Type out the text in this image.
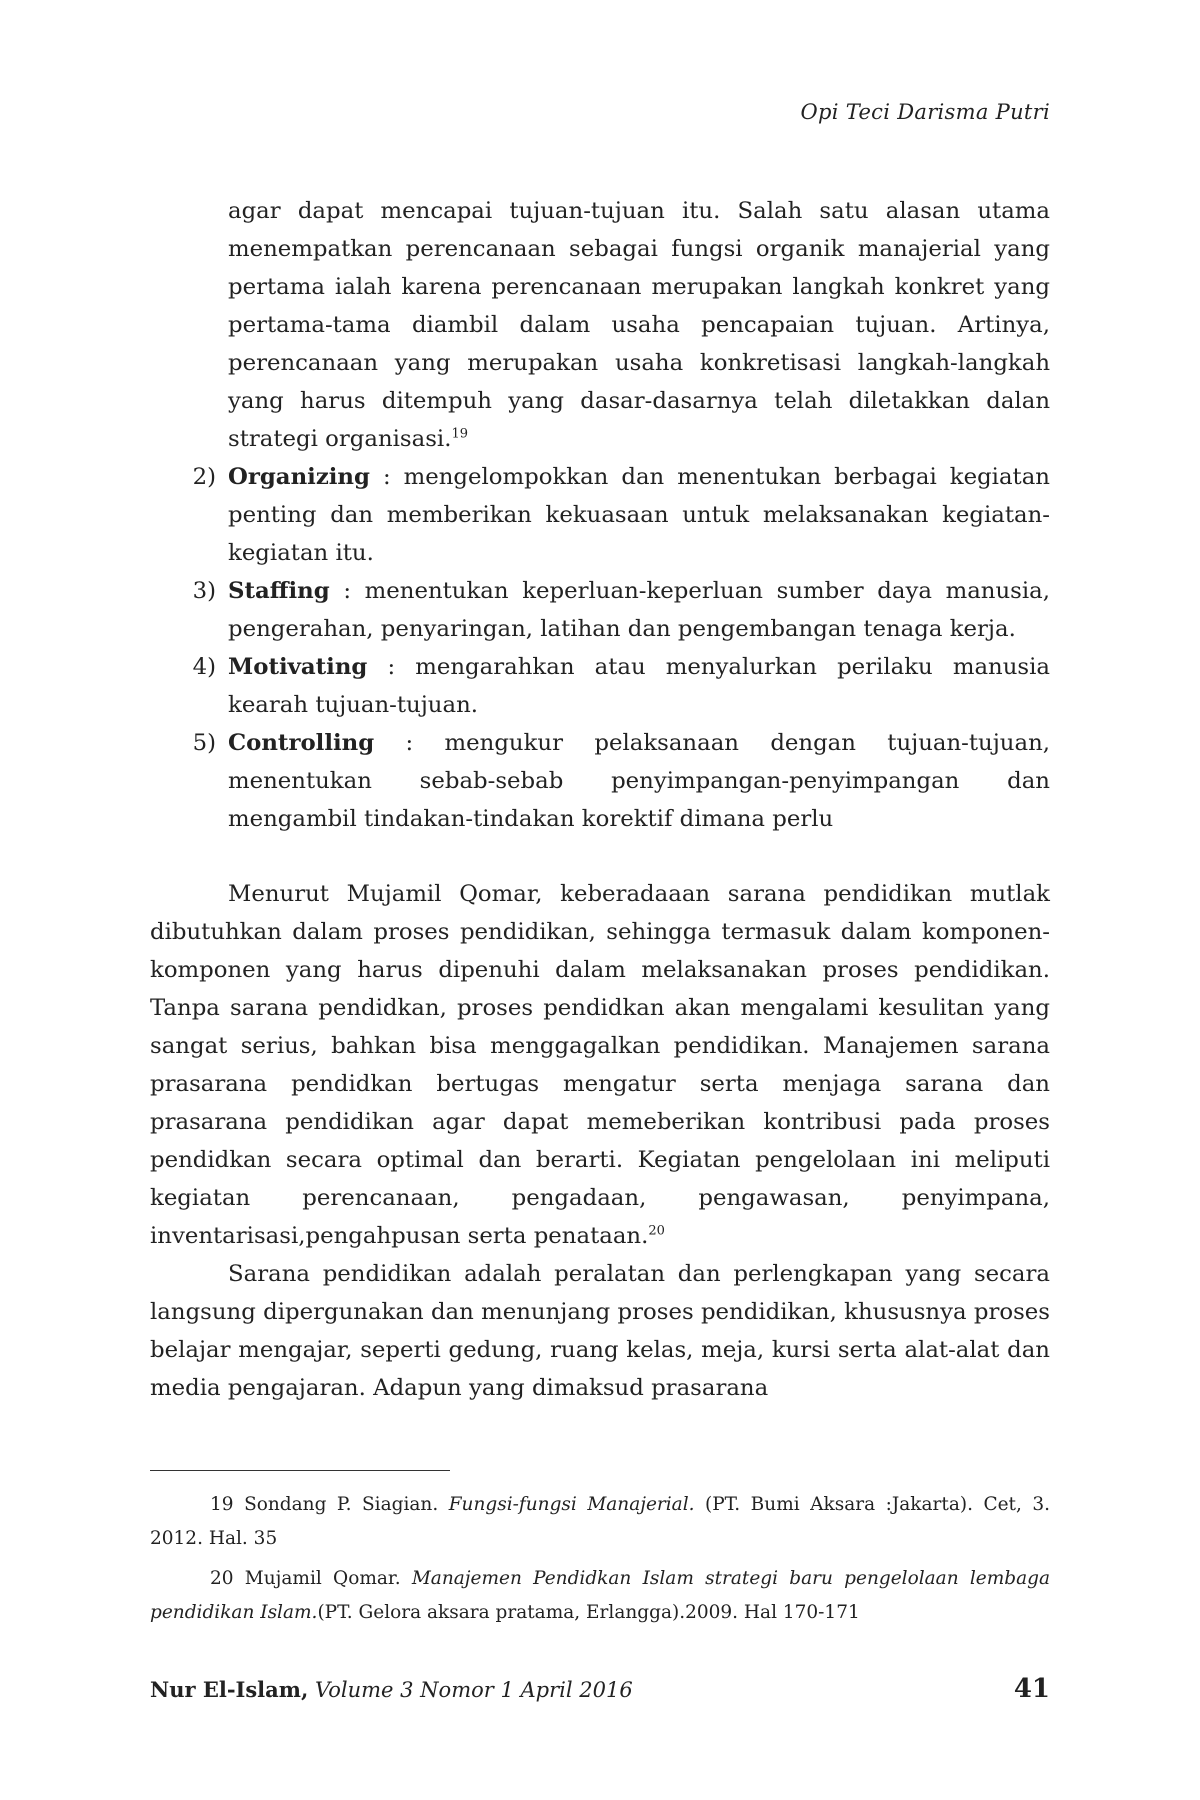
Opi Teci Darisma Putri
agar dapat mencapai tujuan-tujuan itu. Salah satu alasan utama menempatkan perencanaan sebagai fungsi organik manajerial yang pertama ialah karena perencanaan merupakan langkah konkret yang pertama-tama diambil dalam usaha pencapaian tujuan. Artinya, perencanaan yang merupakan usaha konkretisasi langkah-langkah yang harus ditempuh yang dasar-dasarnya telah diletakkan dalan strategi organisasi.$^{19}$
2) Organizing : mengelompokkan dan menentukan berbagai kegiatan penting dan memberikan kekuasaan untuk melaksanakan kegiatan-kegiatan itu.
3) Staffing : menentukan keperluan-keperluan sumber daya manusia, pengerahan, penyaringan, latihan dan pengembangan tenaga kerja.
4) Motivating : mengarahkan atau menyalurkan perilaku manusia kearah tujuan-tujuan.
5) Controlling : mengukur pelaksanaan dengan tujuan-tujuan, menentukan sebab-sebab penyimpangan-penyimpangan dan mengambil tindakan-tindakan korektif dimana perlu

Menurut Mujamil Qomar, keberadaaan sarana pendidikan mutlak dibutuhkan dalam proses pendidikan, sehingga termasuk dalam komponen-komponen yang harus dipenuhi dalam melaksanakan proses pendidikan. Tanpa sarana pendidkan, proses pendidkan akan mengalami kesulitan yang sangat serius, bahkan bisa menggagalkan pendidikan. Manajemen sarana prasarana pendidkan bertugas mengatur serta menjaga sarana dan prasarana pendidikan agar dapat memeberikan kontribusi pada proses pendidkan secara optimal dan berarti. Kegiatan pengelolaan ini meliputi kegiatan perencanaan, pengadaan, pengawasan, penyimpana, inventarisasi,pengahpusan serta penataan.$^{20}$

Sarana pendidikan adalah peralatan dan perlengkapan yang secara langsung dipergunakan dan menunjang proses pendidikan, khususnya proses belajar mengajar, seperti gedung, ruang kelas, meja, kursi serta alat-alat dan media pengajaran. Adapun yang dimaksud prasarana

19 Sondang P. Siagian. Fungsi-fungsi Manajerial. (PT. Bumi Aksara :Jakarta). Cet, 3. 2012. Hal. 35

20 Mujamil Qomar. Manajemen Pendidkan Islam strategi baru pengelolaan lembaga pendidikan Islam.(PT. Gelora aksara pratama, Erlangga).2009. Hal 170-171

Nur El-Islam, Volume 3 Nomor 1 April 2016	41
